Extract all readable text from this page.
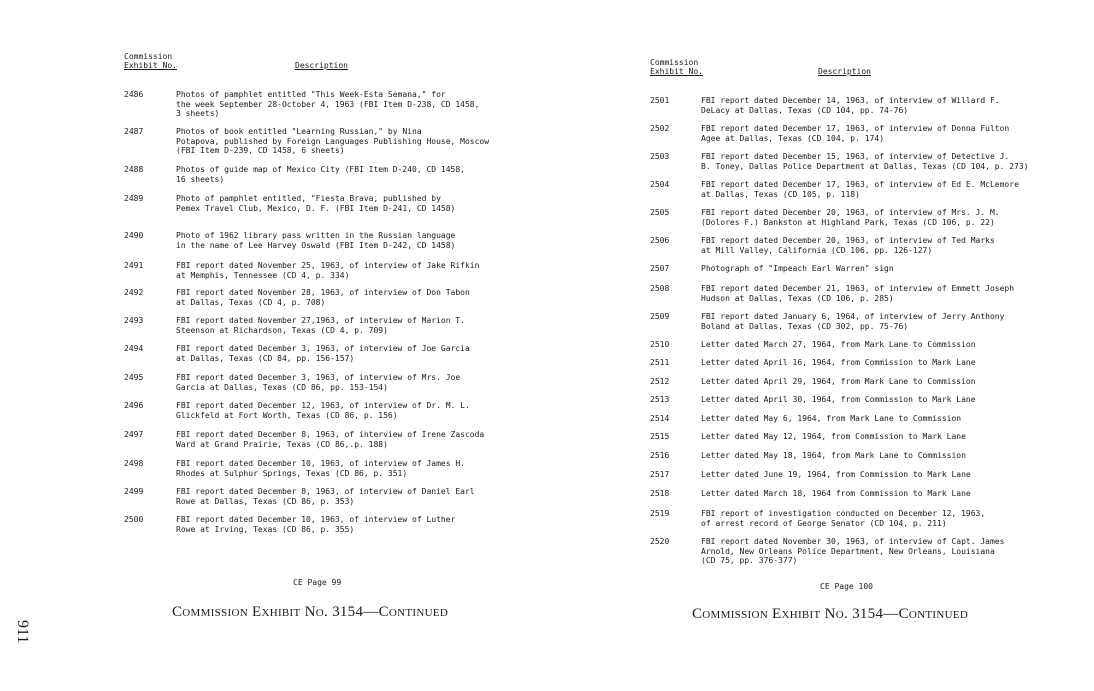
Commission
Exhibit No.	Description
2486	Photos of pamphlet entitled "This Week-Esta Semana," for
the week September 28-October 4, 1963 (FBI Item D-238, CD 1458,
3 sheets)
2487	Photos of book entitled "Learning Russian," by Nina
Potapova, published by Foreign Languages Publishing House, Moscow
(FBI Item D-239, CD 1458, 6 sheets)
2488	Photos of guide map of Mexico City (FBI Item D-240, CD 1458,
16 sheets)
2489	Photo of pamphlet entitled, "Fiesta Brava, published by
Pemex Travel Club, Mexico, D. F. (FBI Item D-241, CD 1458)
2490	Photo of 1962 library pass written in the Russian language
in the name of Lee Harvey Oswald (FBI Item D-242, CD 1458)
2491	FBI report dated November 25, 1963, of interview of Jake Rifkin
at Memphis, Tennessee (CD 4, p. 334)
2492	FBI report dated November 28, 1963, of interview of Don Tabon
at Dallas, Texas (CD 4, p. 708)
2493	FBI report dated November 27,1963, of interview of Marion T.
Steenson at Richardson, Texas (CD 4, p. 709)
2494	FBI report dated December 3, 1963, of interview of Joe Garcia
at Dallas, Texas (CD 84, pp. 156-157)
2495	FBI report dated December 3, 1963, of interview of Mrs. Joe
Garcia at Dallas, Texas (CD 86, pp. 153-154)
2496	FBI report dated December 12, 1963, of interview of Dr. M. L.
Glickfeld at Fort Worth, Texas (CD 86, p. 156)
2497	FBI report dated December 8, 1963, of interview of Irene Zascoda
Ward at Grand Prairie, Texas (CD 86,.p. 188)
2498	FBI report dated December 10, 1963, of interview of James H.
Rhodes at Sulphur Springs, Texas (CD 86, p. 351)
2499	FBI report dated December 8, 1963, of interview of Daniel Earl
Rowe at Dallas, Texas (CD 86, p. 353)
2500	FBI report dated December 10, 1963, of interview of Luther
Rowe at Irving, Texas (CD 86, p. 355)
CE Page 99
Commission Exhibit No. 3154—Continued
Commission
Exhibit No.	Description
2501	FBI report dated December 14, 1963, of interview of Willard F.
DeLacy at Dallas, Texas (CD 104, pp. 74-76)
2502	FBI report dated December 17, 1963, of interview of Donna Fulton
Agee at Dallas, Texas (CD 104, p. 174)
2503	FBI report dated December 15, 1963, of interview of Detective J.
B. Toney, Dallas Police Department at Dallas, Texas (CD 104, p. 273)
2504	FBI report dated December 17, 1963, of interview of Ed E. McLemore
at Dallas, Texas (CD 105, p. 118)
2505	FBI report dated December 20, 1963, of interview of Mrs. J. M.
(Dolores F.) Bankston at Highland Park, Texas (CD 106, p. 22)
2506	FBI report dated December 20, 1963, of interview of Ted Marks
at Mill Valley, California (CD 106, pp. 126-127)
2507	Photograph of "Impeach Earl Warren" sign
2508	FBI report dated December 21, 1963, of interview of Emmett Joseph
Hudson at Dallas, Texas (CD 106, p. 285)
2509	FBI report dated January 6, 1964, of interview of Jerry Anthony
Boland at Dallas, Texas (CD 302, pp. 75-76)
2510	Letter dated March 27, 1964, from Mark Lane to Commission
2511	Letter dated April 16, 1964, from Commission to Mark Lane
2512	Letter dated April 29, 1964, from Mark Lane to Commission
2513	Letter dated April 30, 1964, from Commission to Mark Lane
2514	Letter dated May 6, 1964, from Mark Lane to Commission
2515	Letter dated May 12, 1964, from Commission to Mark Lane
2516	Letter dated May 18, 1964, from Mark Lane to Commission
2517	Letter dated June 19, 1964, from Commission to Mark Lane
2518	Letter dated March 18, 1964 from Commission to Mark Lane
2519	FBI report of investigation conducted on December 12, 1963,
of arrest record of George Senator (CD 104, p. 211)
2520	FBI report dated November 30, 1963, of interview of Capt. James
Arnold, New Orleans Police Department, New Orleans, Louisiana
(CD 75, pp. 376-377)
CE Page 100
Commission Exhibit No. 3154—Continued
911
